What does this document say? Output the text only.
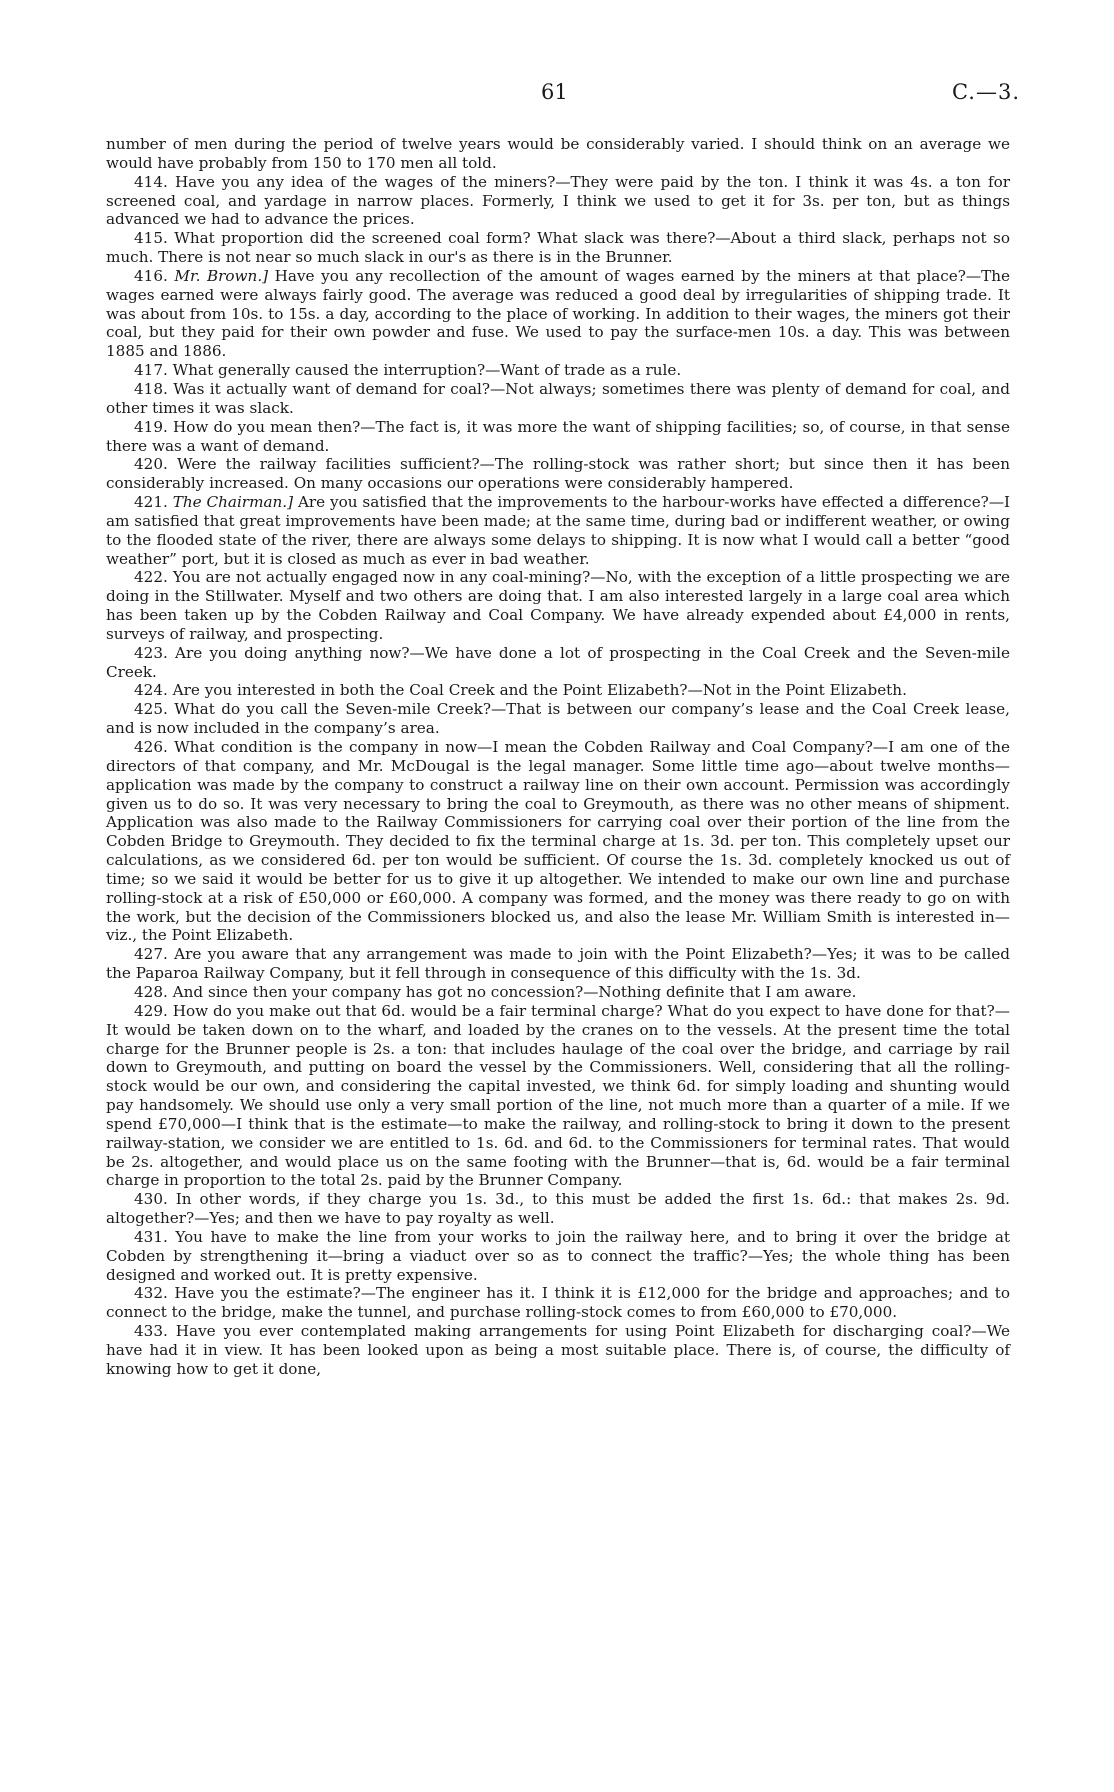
61	C.—3.

number of men during the period of twelve years would be considerably varied. I should think on an average we would have probably from 150 to 170 men all told.

414. Have you any idea of the wages of the miners?—They were paid by the ton. I think it was 4s. a ton for screened coal, and yardage in narrow places. Formerly, I think we used to get it for 3s. per ton, but as things advanced we had to advance the prices.

415. What proportion did the screened coal form? What slack was there?—About a third slack, perhaps not so much. There is not near so much slack in our's as there is in the Brunner.

416. Mr. Brown.] Have you any recollection of the amount of wages earned by the miners at that place?—The wages earned were always fairly good. The average was reduced a good deal by irregularities of shipping trade. It was about from 10s. to 15s. a day, according to the place of working. In addition to their wages, the miners got their coal, but they paid for their own powder and fuse. We used to pay the surface-men 10s. a day. This was between 1885 and 1886.

417. What generally caused the interruption?—Want of trade as a rule.

418. Was it actually want of demand for coal?—Not always; sometimes there was plenty of demand for coal, and other times it was slack.

419. How do you mean then?—The fact is, it was more the want of shipping facilities; so, of course, in that sense there was a want of demand.

420. Were the railway facilities sufficient?—The rolling-stock was rather short; but since then it has been considerably increased. On many occasions our operations were considerably hampered.

421. The Chairman.] Are you satisfied that the improvements to the harbour-works have effected a difference?—I am satisfied that great improvements have been made; at the same time, during bad or indifferent weather, or owing to the flooded state of the river, there are always some delays to shipping. It is now what I would call a better “good weather” port, but it is closed as much as ever in bad weather.

422. You are not actually engaged now in any coal-mining?—No, with the exception of a little prospecting we are doing in the Stillwater. Myself and two others are doing that. I am also interested largely in a large coal area which has been taken up by the Cobden Railway and Coal Company. We have already expended about £4,000 in rents, surveys of railway, and prospecting.

423. Are you doing anything now?—We have done a lot of prospecting in the Coal Creek and the Seven-mile Creek.

424. Are you interested in both the Coal Creek and the Point Elizabeth?—Not in the Point Elizabeth.

425. What do you call the Seven-mile Creek?—That is between our company’s lease and the Coal Creek lease, and is now included in the company’s area.

426. What condition is the company in now—I mean the Cobden Railway and Coal Company?—I am one of the directors of that company, and Mr. McDougal is the legal manager. Some little time ago—about twelve months—application was made by the company to construct a railway line on their own account. Permission was accordingly given us to do so. It was very necessary to bring the coal to Greymouth, as there was no other means of shipment. Application was also made to the Railway Commissioners for carrying coal over their portion of the line from the Cobden Bridge to Greymouth. They decided to fix the terminal charge at 1s. 3d. per ton. This completely upset our calculations, as we considered 6d. per ton would be sufficient. Of course the 1s. 3d. completely knocked us out of time; so we said it would be better for us to give it up altogether. We intended to make our own line and purchase rolling-stock at a risk of £50,000 or £60,000. A company was formed, and the money was there ready to go on with the work, but the decision of the Commissioners blocked us, and also the lease Mr. William Smith is interested in—viz., the Point Elizabeth.

427. Are you aware that any arrangement was made to join with the Point Elizabeth?—Yes; it was to be called the Paparoa Railway Company, but it fell through in consequence of this difficulty with the 1s. 3d.

428. And since then your company has got no concession?—Nothing definite that I am aware.

429. How do you make out that 6d. would be a fair terminal charge? What do you expect to have done for that?—It would be taken down on to the wharf, and loaded by the cranes on to the vessels. At the present time the total charge for the Brunner people is 2s. a ton: that includes haulage of the coal over the bridge, and carriage by rail down to Greymouth, and putting on board the vessel by the Commissioners. Well, considering that all the rolling-stock would be our own, and considering the capital invested, we think 6d. for simply loading and shunting would pay handsomely. We should use only a very small portion of the line, not much more than a quarter of a mile. If we spend £70,000—I think that is the estimate—to make the railway, and rolling-stock to bring it down to the present railway-station, we consider we are entitled to 1s. 6d. and 6d. to the Commissioners for terminal rates. That would be 2s. altogether, and would place us on the same footing with the Brunner—that is, 6d. would be a fair terminal charge in proportion to the total 2s. paid by the Brunner Company.

430. In other words, if they charge you 1s. 3d., to this must be added the first 1s. 6d.: that makes 2s. 9d. altogether?—Yes; and then we have to pay royalty as well.

431. You have to make the line from your works to join the railway here, and to bring it over the bridge at Cobden by strengthening it—bring a viaduct over so as to connect the traffic?—Yes; the whole thing has been designed and worked out. It is pretty expensive.

432. Have you the estimate?—The engineer has it. I think it is £12,000 for the bridge and approaches; and to connect to the bridge, make the tunnel, and purchase rolling-stock comes to from £60,000 to £70,000.

433. Have you ever contemplated making arrangements for using Point Elizabeth for discharging coal?—We have had it in view. It has been looked upon as being a most suitable place. There is, of course, the difficulty of knowing how to get it done,
